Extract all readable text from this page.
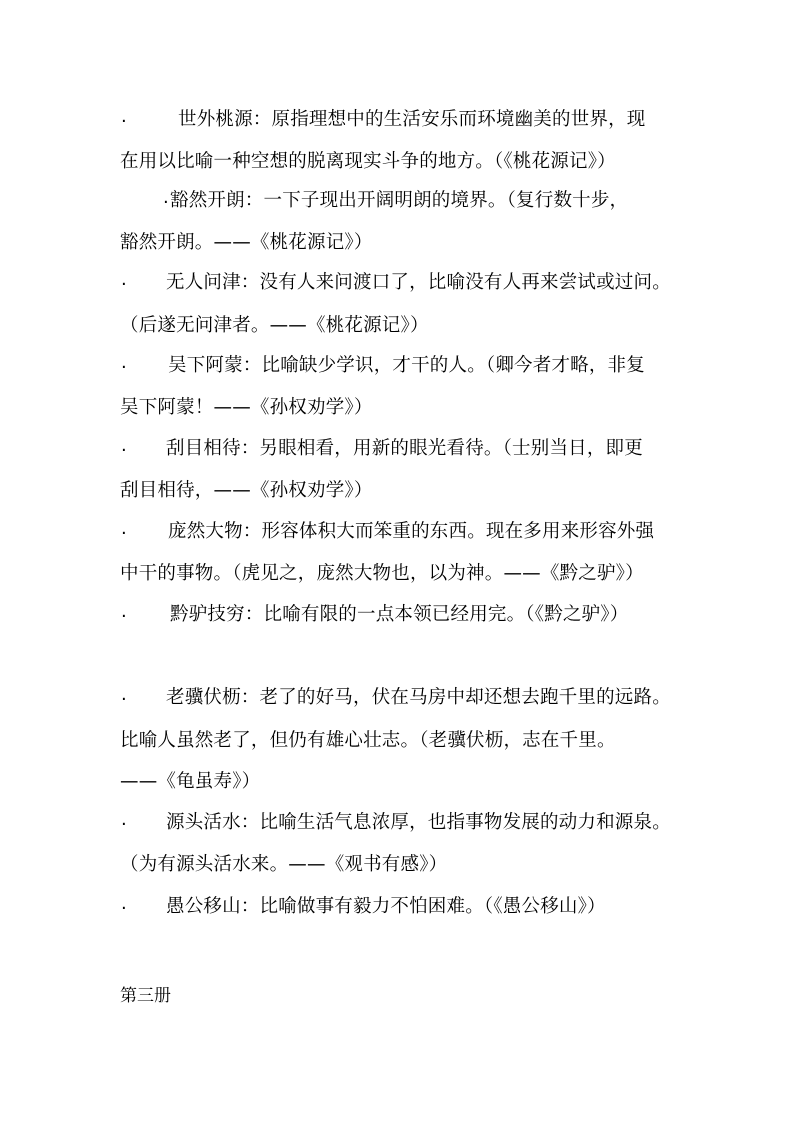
·	世外桃源：原指理想中的生活安乐而环境幽美的世界，现
在用以比喻一种空想的脱离现实斗争的地方。（《桃花源记》）
· 豁然开朗：一下子现出开阔明朗的境界。（复行数十步，
豁然开朗。——《桃花源记》）
· 无人问津：没有人来问渡口了，比喻没有人再来尝试或过问。
（后遂无问津者。——《桃花源记》）
· 吴下阿蒙：比喻缺少学识，才干的人。（卿今者才略，非复
吴下阿蒙！——《孙权劝学》）
· 刮目相待：另眼相看，用新的眼光看待。（士别当日，即更
刮目相待，——《孙权劝学》）
· 庞然大物：形容体积大而笨重的东西。现在多用来形容外强
中干的事物。（虎见之，庞然大物也，以为神。——《黔之驴》）
· 黔驴技穷：比喻有限的一点本领已经用完。（《黔之驴》）
· 老骥伏枥：老了的好马，伏在马房中却还想去跑千里的远路。
比喻人虽然老了，但仍有雄心壮志。（老骥伏枥，志在千里。
——《龟虽寿》）
· 源头活水：比喻生活气息浓厚，也指事物发展的动力和源泉。
（为有源头活水来。——《观书有感》）
· 愚公移山：比喻做事有毅力不怕困难。（《愚公移山》）
第三册
